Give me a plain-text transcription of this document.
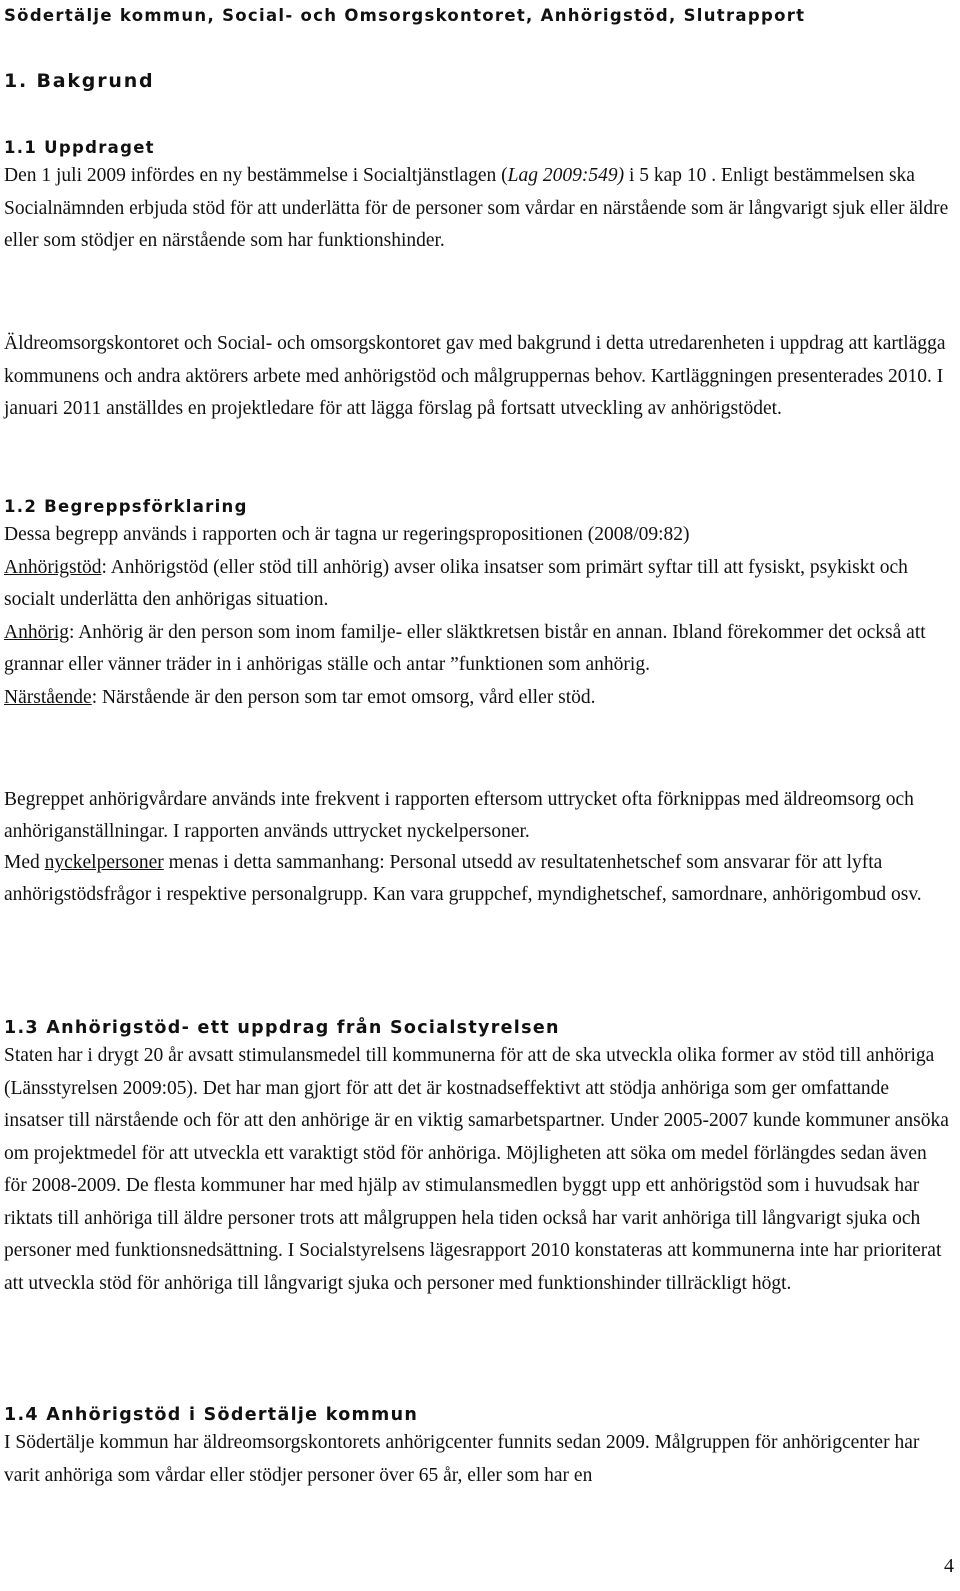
Södertälje kommun, Social- och Omsorgskontoret, Anhörigstöd, Slutrapport
1. Bakgrund
1.1 Uppdraget

Den 1 juli 2009 infördes en ny bestämmelse i Socialtjänstlagen (Lag 2009:549) i 5 kap 10 . Enligt bestämmelsen ska Socialnämnden erbjuda stöd för att underlätta för de personer som vårdar en närstående som är långvarigt sjuk eller äldre eller som stödjer en närstående som har funktionshinder.

Äldreomsorgskontoret och Social- och omsorgskontoret gav med bakgrund i detta utredarenheten i uppdrag att kartlägga kommunens och andra aktörers arbete med anhörigstöd och målgruppernas behov. Kartläggningen presenterades 2010. I januari 2011 anställdes en projektledare för att lägga förslag på fortsatt utveckling av anhörigstödet.

1.2 Begreppsförklaring

Dessa begrepp används i rapporten och är tagna ur regeringspropositionen (2008/09:82)

Anhörigstöd: Anhörigstöd (eller stöd till anhörig) avser olika insatser som primärt syftar till att fysiskt, psykiskt och socialt underlätta den anhörigas situation.

Anhörig: Anhörig är den person som inom familje- eller släktkretsen bistår en annan. Ibland förekommer det också att grannar eller vänner träder in i anhörigas ställe och antar ”funktionen som anhörig.

Närstående: Närstående är den person som tar emot omsorg, vård eller stöd.

Begreppet anhörigvårdare används inte frekvent i rapporten eftersom uttrycket ofta förknippas med äldreomsorg och anhöriganställningar. I rapporten används uttrycket nyckelpersoner.

Med nyckelpersoner menas i detta sammanhang: Personal utsedd av resultatenhetschef som ansvarar för att lyfta anhörigstödsfrågor i respektive personalgrupp. Kan vara gruppchef, myndighetschef, samordnare, anhörigombud osv.

1.3 Anhörigstöd- ett uppdrag från Socialstyrelsen

Staten har i drygt 20 år avsatt stimulansmedel till kommunerna för att de ska utveckla olika former av stöd till anhöriga (Länsstyrelsen 2009:05). Det har man gjort för att det är kostnadseffektivt att stödja anhöriga som ger omfattande insatser till närstående och för att den anhörige är en viktig samarbetspartner. Under 2005-2007 kunde kommuner ansöka om projektmedel för att utveckla ett varaktigt stöd för anhöriga. Möjligheten att söka om medel förlängdes sedan även för 2008-2009. De flesta kommuner har med hjälp av stimulansmedlen byggt upp ett anhörigstöd som i huvudsak har riktats till anhöriga till äldre personer trots att målgruppen hela tiden också har varit anhöriga till långvarigt sjuka och personer med funktionsnedsättning. I Socialstyrelsens lägesrapport 2010 konstateras att kommunerna inte har prioriterat att utveckla stöd för anhöriga till långvarigt sjuka och personer med funktionshinder tillräckligt högt.

1.4 Anhörigstöd i Södertälje kommun

I Södertälje kommun har äldreomsorgskontorets anhörigcenter funnits sedan 2009. Målgruppen för anhörigcenter har varit anhöriga som vårdar eller stödjer personer över 65 år, eller som har en

4
